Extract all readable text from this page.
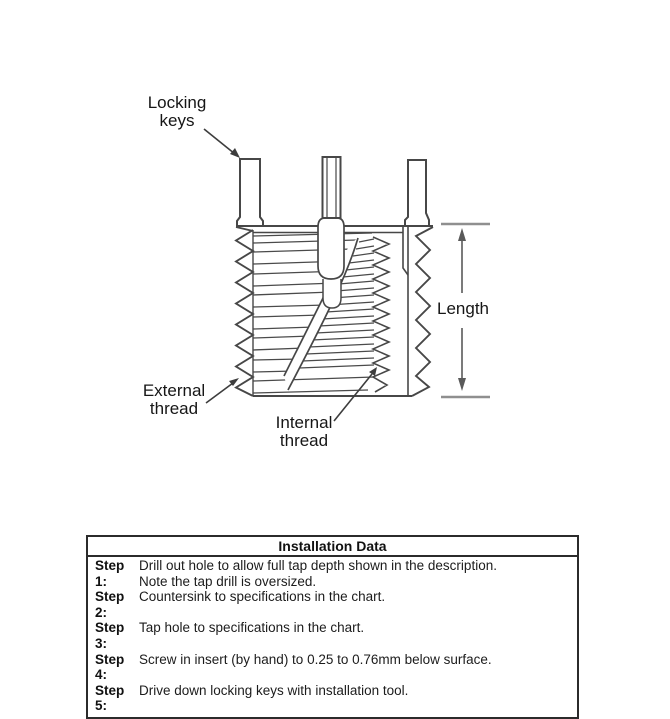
Locking
keys
Length
External
thread
Internal
thread
Installation Data
Step 1:
Drill out hole to allow full tap depth shown in the description.
Note the tap drill is oversized.
Step 2:
Countersink to specifications in the chart.
Step 3:
Tap hole to specifications in the chart.
Step 4:
Screw in insert (by hand) to 0.25 to 0.76mm below surface.
Step 5:
Drive down locking keys with installation tool.
